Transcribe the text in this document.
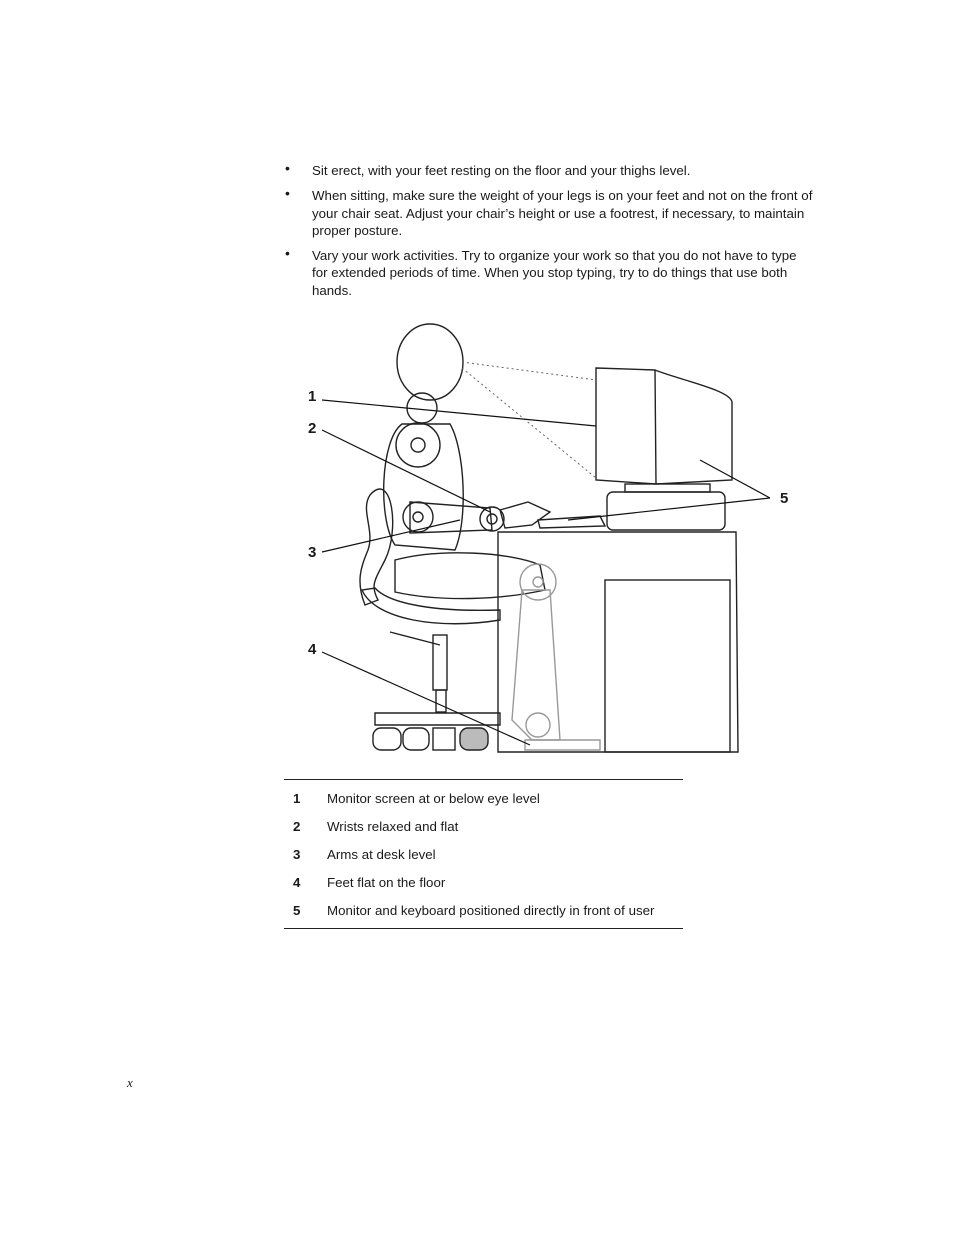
• Sit erect, with your feet resting on the floor and your thighs level.
• When sitting, make sure the weight of your legs is on your feet and not on the front of your chair seat. Adjust your chair’s height or use a footrest, if necessary, to maintain proper posture.
• Vary your work activities. Try to organize your work so that you do not have to type for extended periods of time. When you stop typing, try to do things that use both hands.
1
2
3
4
5
1	Monitor screen at or below eye level
2	Wrists relaxed and flat
3	Arms at desk level
4	Feet flat on the floor
5	Monitor and keyboard positioned directly in front of user
x
